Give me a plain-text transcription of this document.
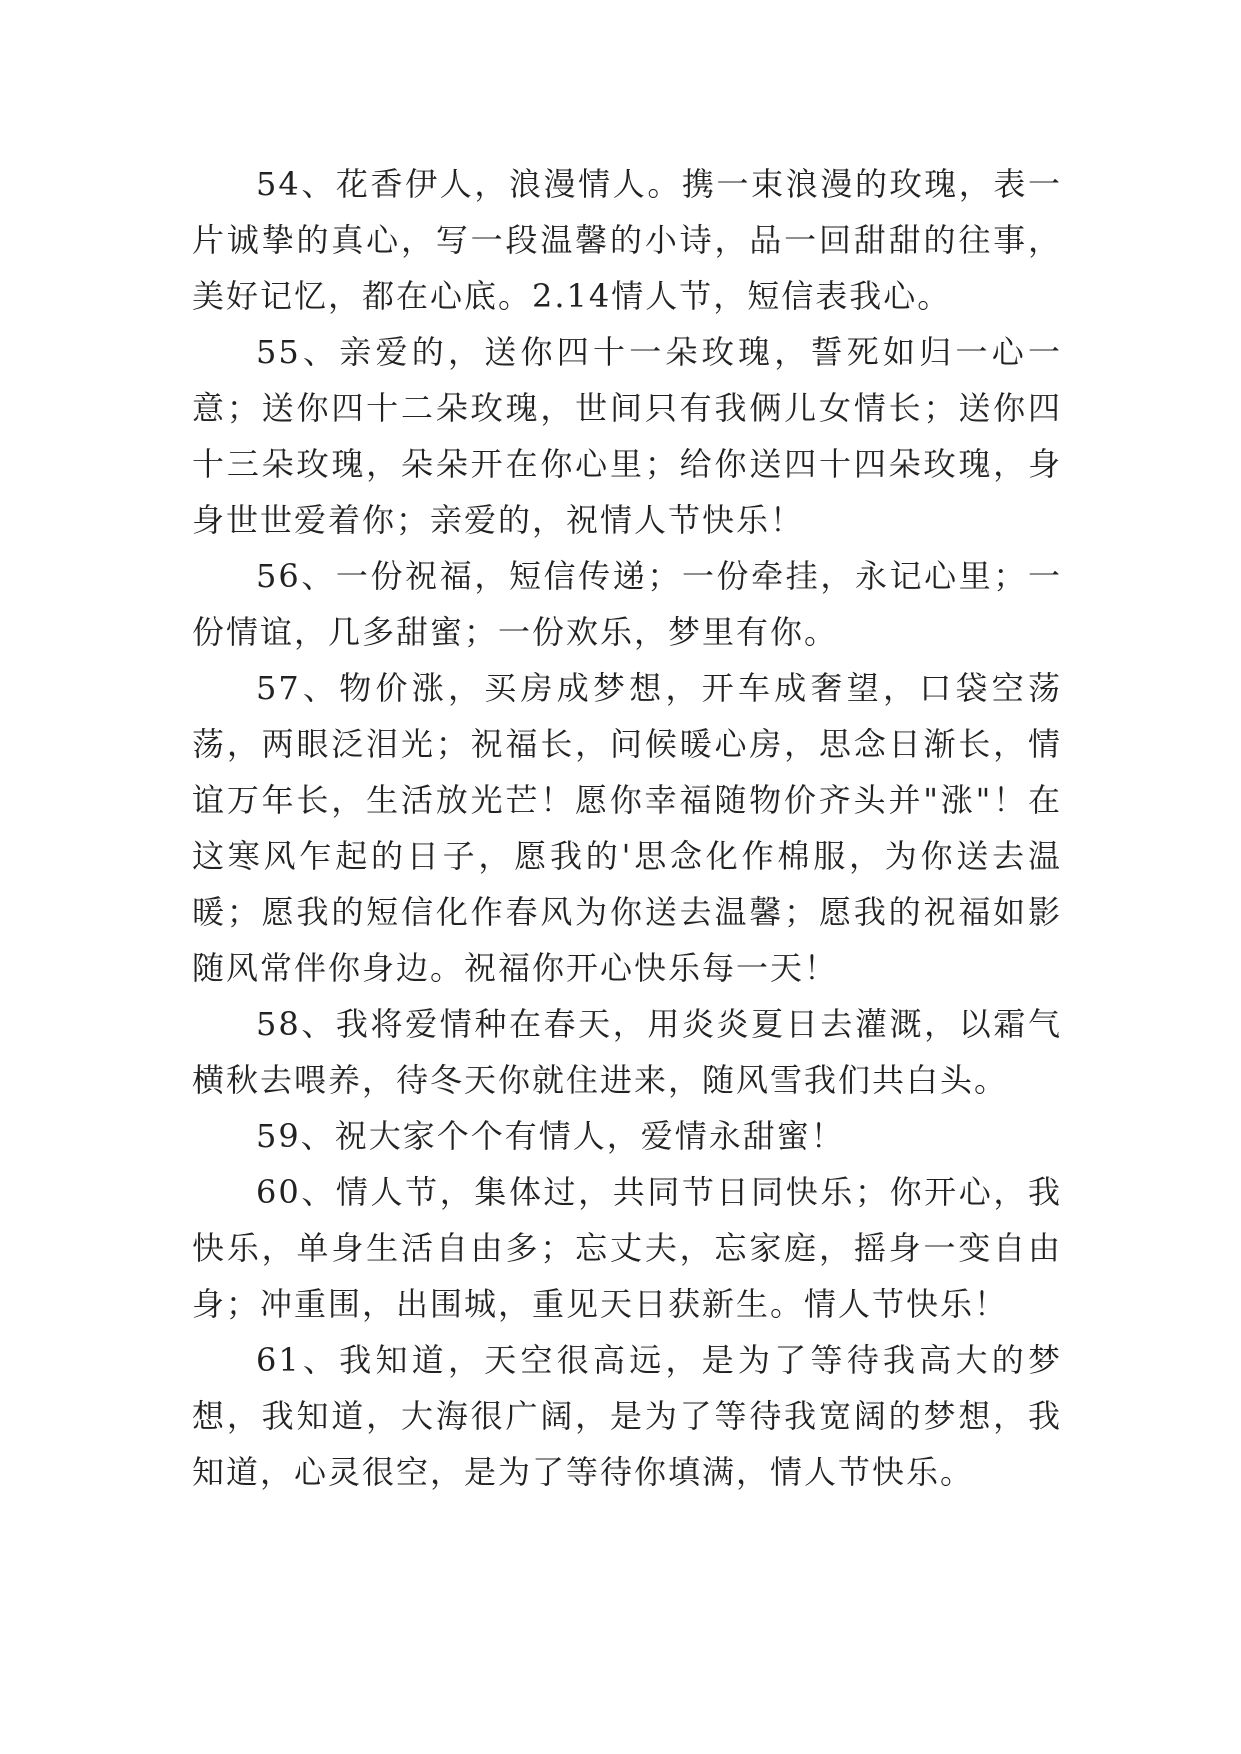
54、花香伊人，浪漫情人。携一束浪漫的玫瑰，表一片诚挚的真心，写一段温馨的小诗，品一回甜甜的往事，美好记忆，都在心底。2.14情人节，短信表我心。

55、亲爱的，送你四十一朵玫瑰，誓死如归一心一意；送你四十二朵玫瑰，世间只有我俩儿女情长；送你四十三朵玫瑰，朵朵开在你心里；给你送四十四朵玫瑰，身身世世爱着你；亲爱的，祝情人节快乐！

56、一份祝福，短信传递；一份牵挂，永记心里；一份情谊，几多甜蜜；一份欢乐，梦里有你。

57、物价涨，买房成梦想，开车成奢望，口袋空荡荡，两眼泛泪光；祝福长，问候暖心房，思念日渐长，情谊万年长，生活放光芒！愿你幸福随物价齐头并"涨"！在这寒风乍起的日子，愿我的'思念化作棉服，为你送去温暖；愿我的短信化作春风为你送去温馨；愿我的祝福如影随风常伴你身边。祝福你开心快乐每一天！

58、我将爱情种在春天，用炎炎夏日去灌溉，以霜气横秋去喂养，待冬天你就住进来，随风雪我们共白头。

59、祝大家个个有情人，爱情永甜蜜！

60、情人节，集体过，共同节日同快乐；你开心，我快乐，单身生活自由多；忘丈夫，忘家庭，摇身一变自由身；冲重围，出围城，重见天日获新生。情人节快乐！

61、我知道，天空很高远，是为了等待我高大的梦想，我知道，大海很广阔，是为了等待我宽阔的梦想，我知道，心灵很空，是为了等待你填满，情人节快乐。
